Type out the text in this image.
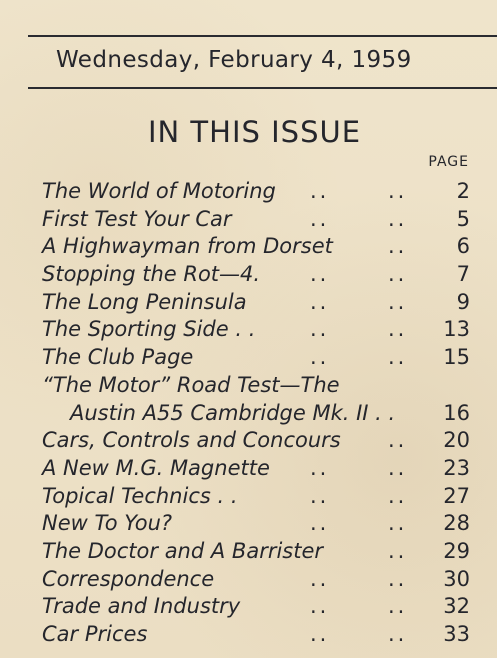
Wednesday, February 4, 1959
IN THIS ISSUE
PAGE
The World of Motoring ..	..	2
First Test Your Car	..	..	5
A Highwayman from Dorset	..	6
Stopping the Rot—4. ..	..	7
The Long Peninsula	..	..	9
The Sporting Side . .	..	..	13
The Club Page	..	..	15
“The Motor” Road Test—The
Austin A55 Cambridge Mk. II . .	16
Cars, Controls and Concours ..	20
A New M.G. Magnette ..	..	23
Topical Technics . .	..	..	27
New To You?	..	..	28
The Doctor and A Barrister	..	29
Correspondence	..	..	30
Trade and Industry	..	..	32
Car Prices	..	..	33
